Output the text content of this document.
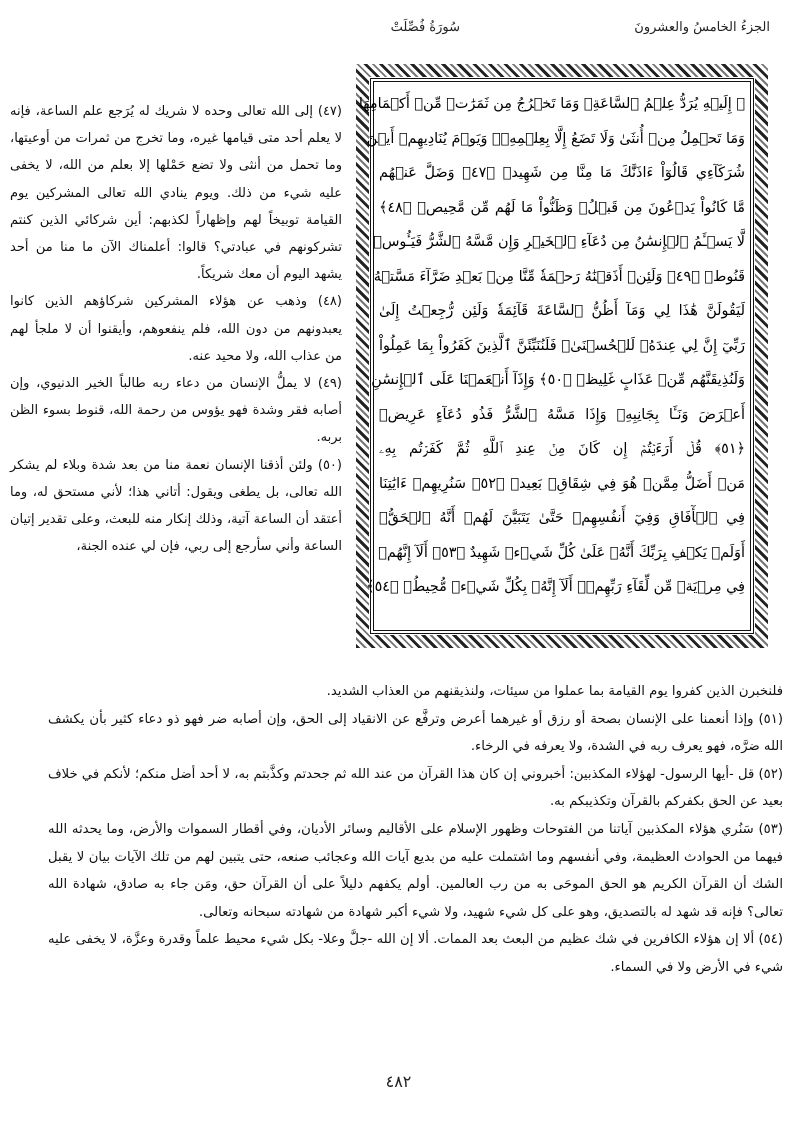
الجزءُ الخامسُ والعشرونَ
سُورَةُ فُصِّلَتْ
۞ إِلَيۡهِ يُرَدُّ عِلۡمُ ٱلسَّاعَةِۚ وَمَا تَخۡرُجُ مِن ثَمَرَٰتٖ مِّنۡ أَكۡمَامِهَا
وَمَا تَحۡمِلُ مِنۡ أُنثَىٰ وَلَا تَضَعُ إِلَّا بِعِلۡمِهِۦۚ وَيَوۡمَ يُنَادِيهِمۡ أَيۡنَ
شُرَكَآءِي قَالُوٓاْ ءَاذَنَّٰكَ مَا مِنَّا مِن شَهِيدٖ ﴿٤٧﴾ وَضَلَّ عَنۡهُم
مَّا كَانُواْ يَدۡعُونَ مِن قَبۡلُۖ وَظَنُّواْ مَا لَهُم مِّن مَّحِيصٖ ﴿٤٨﴾
لَّا يَسۡـَٔمُ ٱلۡإِنسَٰنُ مِن دُعَآءِ ٱلۡخَيۡرِ وَإِن مَّسَّهُ ٱلشَّرُّ فَيَـُٔوسٞ
قَنُوطٞ ﴿٤٩﴾ وَلَئِنۡ أَذَقۡنَٰهُ رَحۡمَةٗ مِّنَّا مِنۢ بَعۡدِ ضَرَّآءَ مَسَّتۡهُ
لَيَقُولَنَّ هَٰذَا لِي وَمَآ أَظُنُّ ٱلسَّاعَةَ قَآئِمَةٗ وَلَئِن رُّجِعۡتُ إِلَىٰ
رَبِّيٓ إِنَّ لِي عِندَهُۥ لَلۡحُسۡنَىٰۚ فَلَنُنَبِّئَنَّ ٱلَّذِينَ كَفَرُواْ بِمَا عَمِلُواْ
وَلَنُذِيقَنَّهُم مِّنۡ عَذَابٍ غَلِيظٖ ﴿٥٠﴾ وَإِذَآ أَنۡعَمۡنَا عَلَى ٱلۡإِنسَٰنِ
أَعۡرَضَ وَنَـَٔا بِجَانِبِهِۦ وَإِذَا مَسَّهُ ٱلشَّرُّ فَذُو دُعَآءٍ عَرِيضٖ
﴿٥١﴾ قُلۡ أَرَءَيۡتُمۡ إِن كَانَ مِنۡ عِندِ ٱللَّهِ ثُمَّ كَفَرۡتُم بِهِۦ
مَنۡ أَضَلُّ مِمَّنۡ هُوَ فِي شِقَاقِۭ بَعِيدٖ ﴿٥٢﴾ سَنُرِيهِمۡ ءَايَٰتِنَا
فِي ٱلۡأٓفَاقِ وَفِيٓ أَنفُسِهِمۡ حَتَّىٰ يَتَبَيَّنَ لَهُمۡ أَنَّهُ ٱلۡحَقُّۗ
أَوَلَمۡ يَكۡفِ بِرَبِّكَ أَنَّهُۥ عَلَىٰ كُلِّ شَيۡءٖ شَهِيدٌ ﴿٥٣﴾ أَلَآ إِنَّهُمۡ
فِي مِرۡيَةٖ مِّن لِّقَآءِ رَبِّهِمۡۗ أَلَآ إِنَّهُۥ بِكُلِّ شَيۡءٖ مُّحِيطُۢ ﴿٥٤﴾

(٤٧) إلى الله تعالى وحده لا شريك له يُرَجع علم الساعة، فإنه لا يعلم أحد متى قيامها غيره، وما تخرج من ثمرات من أوعيتها، وما تحمل من أنثى ولا تضع حَمْلها إلا بعلم من الله، لا يخفى عليه شيء من ذلك. ويوم ينادي الله تعالى المشركين يوم القيامة توبيخاً لهم وإظهاراً لكذبهم: أين شركائي الذين كنتم تشركونهم في عبادتي؟ قالوا: أعلمناك الآن ما منا من أحد يشهد اليوم أن معك شريكاً.

(٤٨) وذهب عن هؤلاء المشركين شركاؤهم الذين كانوا يعبدونهم من دون الله، فلم ينفعوهم، وأيقنوا أن لا ملجأ لهم من عذاب الله، ولا محيد عنه.

(٤٩) لا يملُّ الإنسان من دعاء ربه طالباً الخير الدنيوي، وإن أصابه فقر وشدة فهو يؤوس من رحمة الله، قنوط بسوء الظن بربه.

(٥٠) ولئن أذقنا الإنسان نعمة منا من بعد شدة وبلاء لم يشكر الله تعالى، بل يطغى ويقول: أتاني هذا؛ لأني مستحق له، وما أعتقد أن الساعة آتية، وذلك إنكار منه للبعث، وعلى تقدير إتيان الساعة وأني سأرجع إلى ربي، فإن لي عنده الجنة،

فلنخبرن الذين كفروا يوم القيامة بما عملوا من سيئات، ولنذيقنهم من العذاب الشديد.

(٥١) وإذا أنعمنا على الإنسان بصحة أو رزق أو غيرهما أعرض وترفَّع عن الانقياد إلى الحق، وإن أصابه ضر فهو ذو دعاء كثير بأن يكشف الله ضرَّه، فهو يعرف ربه في الشدة، ولا يعرفه في الرخاء.

(٥٢) قل -أيها الرسول- لهؤلاء المكذبين: أخبروني إن كان هذا القرآن من عند الله ثم جحدتم وكذَّبتم به، لا أحد أضل منكم؛ لأنكم في خلاف بعيد عن الحق بكفركم بالقرآن وتكذيبكم به.

(٥٣) سَنُري هؤلاء المكذبين آياتنا من الفتوحات وظهور الإسلام على الأقاليم وسائر الأديان، وفي أقطار السموات والأرض، وما يحدثه الله فيهما من الحوادث العظيمة، وفي أنفسهم وما اشتملت عليه من بديع آيات الله وعجائب صنعه، حتى يتبين لهم من تلك الآيات بيان لا يقبل الشك أن القرآن الكريم هو الحق الموحَى به من رب العالمين. أولم يكفهم دليلاً على أن القرآن حق، ومَن جاء به صادق، شهادة الله تعالى؟ فإنه قد شهد له بالتصديق، وهو على كل شيء شهيد، ولا شيء أكبر شهادة من شهادته سبحانه وتعالى.

(٥٤) ألا إن هؤلاء الكافرين في شك عظيم من البعث بعد الممات. ألا إن الله -جلَّ وعلا- بكل شيء محيط علماً وقدرة وعزَّة، لا يخفى عليه شيء في الأرض ولا في السماء.

٤٨٢
